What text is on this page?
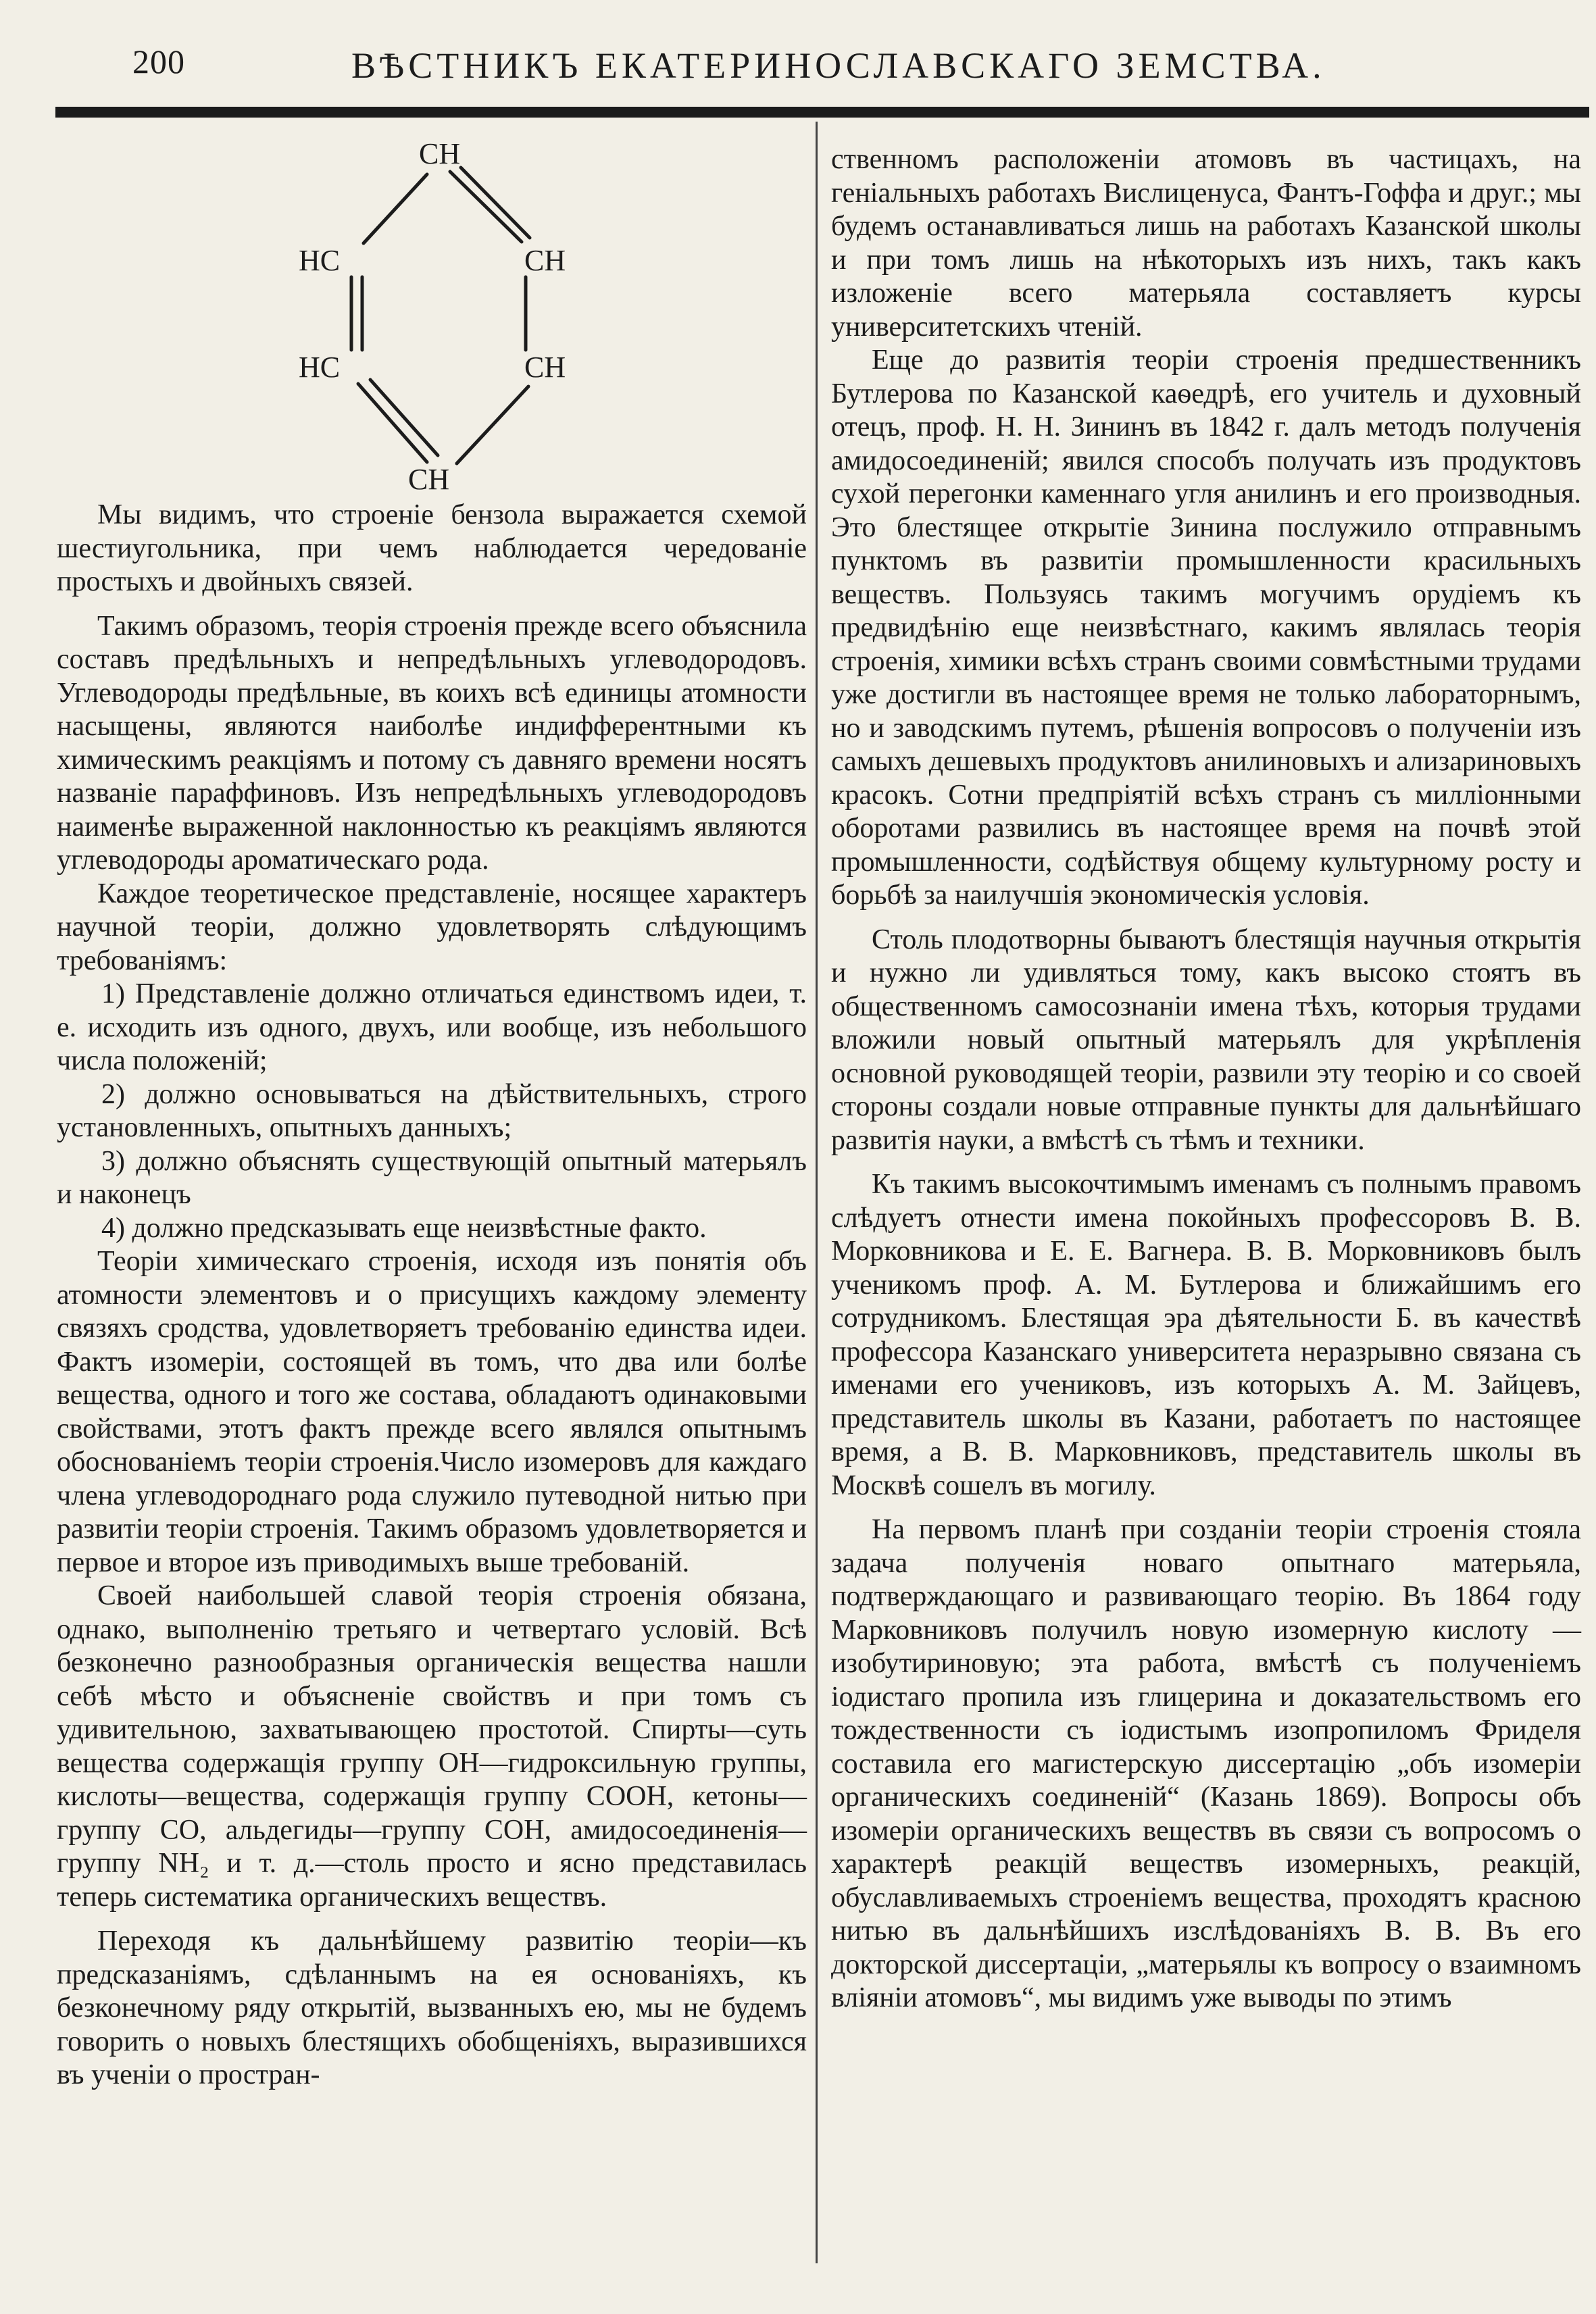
200	ВѢСТНИКЪ ЕКАТЕРИНОСЛАВСКАГО ЗЕМСТВА.
CH
HC	CH
HC	CH
CH

Мы видимъ, что строеніе бензола выражается схемой шестиугольника, при чемъ наблюдается чередованіе простыхъ и двойныхъ связей.

Такимъ образомъ, теорія строенія прежде всего объяснила составъ предѣльныхъ и непредѣльныхъ углеводородовъ. Углеводороды предѣльные, въ коихъ всѣ единицы атомности насыщены, являются наиболѣе индифферентными къ химическимъ реакціямъ и потому съ давняго времени носятъ названіе параффиновъ. Изъ непредѣльныхъ углеводородовъ наименѣе выраженной наклонностью къ реакціямъ являются углеводороды ароматическаго рода.

Каждое теоретическое представленіе, носящее характеръ научной теоріи, должно удовлетворять слѣдующимъ требованіямъ:

1) Представленіе должно отличаться единствомъ идеи, т. е. исходить изъ одного, двухъ, или вообще, изъ небольшого числа положеній;

2) должно основываться на дѣйствительныхъ, строго установленныхъ, опытныхъ данныхъ;

3) должно объяснять существующій опытный матерьялъ и наконецъ

4) должно предсказывать еще неизвѣстные факто.

Теоріи химическаго строенія, исходя изъ понятія объ атомности элементовъ и о присущихъ каждому элементу связяхъ сродства, удовлетворяетъ требованію единства идеи. Фактъ изомеріи, состоящей въ томъ, что два или болѣе вещества, одного и того же состава, обладаютъ одинаковыми свойствами, этотъ фактъ прежде всего являлся опытнымъ обоснованіемъ теоріи строенія.Число изомеровъ для каждаго члена углеводороднаго рода служило путеводной нитью при развитіи теоріи строенія. Такимъ образомъ удовлетворяется и первое и второе изъ приводимыхъ выше требованій.

Своей наибольшей славой теорія строенія обязана, однако, выполненію третьяго и четвертаго условій. Всѣ безконечно разнообразныя органическія вещества нашли себѣ мѣсто и объясненіе свойствъ и при томъ съ удивительною, захватывающею простотой. Спирты—суть вещества содержащія группу ОН—гидроксильную группы, кислоты—вещества, содержащія группу СООН, кетоны—группу СО, альдегиды—группу СОН, амидосоединенія—группу NН₂ и т. д.—столь просто и ясно представилась теперь систематика органическихъ веществъ.

Переходя къ дальнѣйшему развитію теоріи—къ предсказаніямъ, сдѣланнымъ на ея основаніяхъ, къ безконечному ряду открытій, вызванныхъ ею, мы не будемъ говорить о новыхъ блестящихъ обобщеніяхъ, выразившихся въ ученіи о простран-

ственномъ расположеніи атомовъ въ частицахъ, на геніальныхъ работахъ Вислиценуса, Фантъ-Гоффа и друг.; мы будемъ останавливаться лишь на работахъ Казанской школы и при томъ лишь на нѣкоторыхъ изъ нихъ, такъ какъ изложеніе всего матерьяла составляетъ курсы университетскихъ чтеній.

Еще до развитія теоріи строенія предшественникъ Бутлерова по Казанской каѳедрѣ, его учитель и духовный отецъ, проф. Н. Н. Зининъ въ 1842 г. далъ методъ полученія амидосоединеній; явился способъ получать изъ продуктовъ сухой перегонки каменнаго угля анилинъ и его производныя. Это блестящее открытіе Зинина послужило отправнымъ пунктомъ въ развитіи промышленности красильныхъ веществъ. Пользуясь такимъ могучимъ орудіемъ къ предвидѣнію еще неизвѣстнаго, какимъ являлась теорія строенія, химики всѣхъ странъ своими совмѣстными трудами уже достигли въ настоящее время не только лабораторнымъ, но и заводскимъ путемъ, рѣшенія вопросовъ о полученіи изъ самыхъ дешевыхъ продуктовъ анилиновыхъ и ализариновыхъ красокъ. Сотни предпріятій всѣхъ странъ съ милліонными оборотами развились въ настоящее время на почвѣ этой промышленности, содѣйствуя общему культурному росту и борьбѣ за наилучшія экономическія условія.

Столь плодотворны бываютъ блестящія научныя открытія и нужно ли удивляться тому, какъ высоко стоятъ въ общественномъ самосознаніи имена тѣхъ, которыя трудами вложили новый опытный матерьялъ для укрѣпленія основной руководящей теоріи, развили эту теорію и со своей стороны создали новые отправные пункты для дальнѣйшаго развитія науки, а вмѣстѣ съ тѣмъ и техники.

Къ такимъ высокочтимымъ именамъ съ полнымъ правомъ слѣдуетъ отнести имена покойныхъ профессоровъ В. В. Морковникова и Е. Е. Вагнера. В. В. Морковниковъ былъ ученикомъ проф. А. М. Бутлерова и ближайшимъ его сотрудникомъ. Блестящая эра дѣятельности Б. въ качествѣ профессора Казанскаго университета неразрывно связана съ именами его учениковъ, изъ которыхъ А. М. Зайцевъ, представитель школы въ Казани, работаетъ по настоящее время, а В. В. Марковниковъ, представитель школы въ Москвѣ сошелъ въ могилу.

На первомъ планѣ при созданіи теоріи строенія стояла задача полученія новаго опытнаго матерьяла, подтверждающаго и развивающаго теорію. Въ 1864 году Марковниковъ получилъ новую изомерную кислоту — изобутириновую; эта работа, вмѣстѣ съ полученіемъ іодистаго пропила изъ глицерина и доказательствомъ его тождественности съ іодистымъ изопропиломъ Фриделя составила его магистерскую диссертацію „объ изомеріи органическихъ соединеній“ (Казань 1869). Вопросы объ изомеріи органическихъ веществъ въ связи съ вопросомъ о характерѣ реакцій веществъ изомерныхъ, реакцій, обуславливаемыхъ строеніемъ вещества, проходятъ красною нитью въ дальнѣйшихъ изслѣдованіяхъ В. В. Въ его докторской диссертаціи, „матерьялы къ вопросу о взаимномъ вліяніи атомовъ“, мы видимъ уже выводы по этимъ
